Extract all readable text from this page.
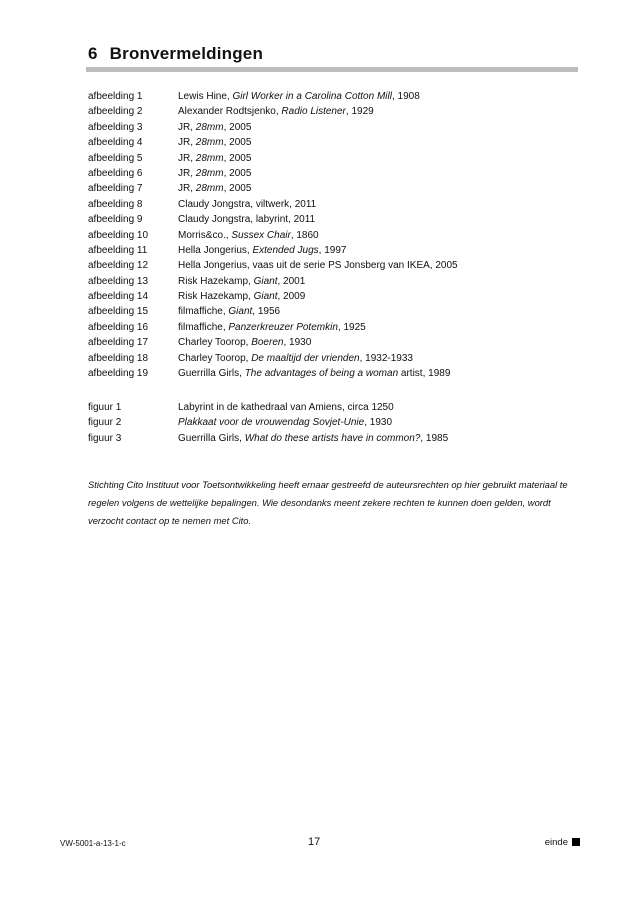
6 Bronvermeldingen
afbeelding 1	Lewis Hine, Girl Worker in a Carolina Cotton Mill, 1908
afbeelding 2	Alexander Rodtsjenko, Radio Listener, 1929
afbeelding 3	JR, 28mm, 2005
afbeelding 4	JR, 28mm, 2005
afbeelding 5	JR, 28mm, 2005
afbeelding 6	JR, 28mm, 2005
afbeelding 7	JR, 28mm, 2005
afbeelding 8	Claudy Jongstra, viltwerk, 2011
afbeelding 9	Claudy Jongstra, labyrint, 2011
afbeelding 10	Morris&co., Sussex Chair, 1860
afbeelding 11	Hella Jongerius, Extended Jugs, 1997
afbeelding 12	Hella Jongerius, vaas uit de serie PS Jonsberg van IKEA, 2005
afbeelding 13	Risk Hazekamp, Giant, 2001
afbeelding 14	Risk Hazekamp, Giant, 2009
afbeelding 15	filmaffiche, Giant, 1956
afbeelding 16	filmaffiche, Panzerkreuzer Potemkin, 1925
afbeelding 17	Charley Toorop, Boeren, 1930
afbeelding 18	Charley Toorop, De maaltijd der vrienden, 1932-1933
afbeelding 19	Guerrilla Girls, The advantages of being a woman artist, 1989
figuur 1	Labyrint in de kathedraal van Amiens, circa 1250
figuur 2	Plakkaat voor de vrouwendag Sovjet-Unie, 1930
figuur 3	Guerrilla Girls, What do these artists have in common?, 1985
Stichting Cito Instituut voor Toetsontwikkeling heeft ernaar gestreefd de auteursrechten op hier gebruikt materiaal te regelen volgens de wettelijke bepalingen. Wie desondanks meent zekere rechten te kunnen doen gelden, wordt verzocht contact op te nemen met Cito.
VW-5001-a-13-1-c	17	einde
